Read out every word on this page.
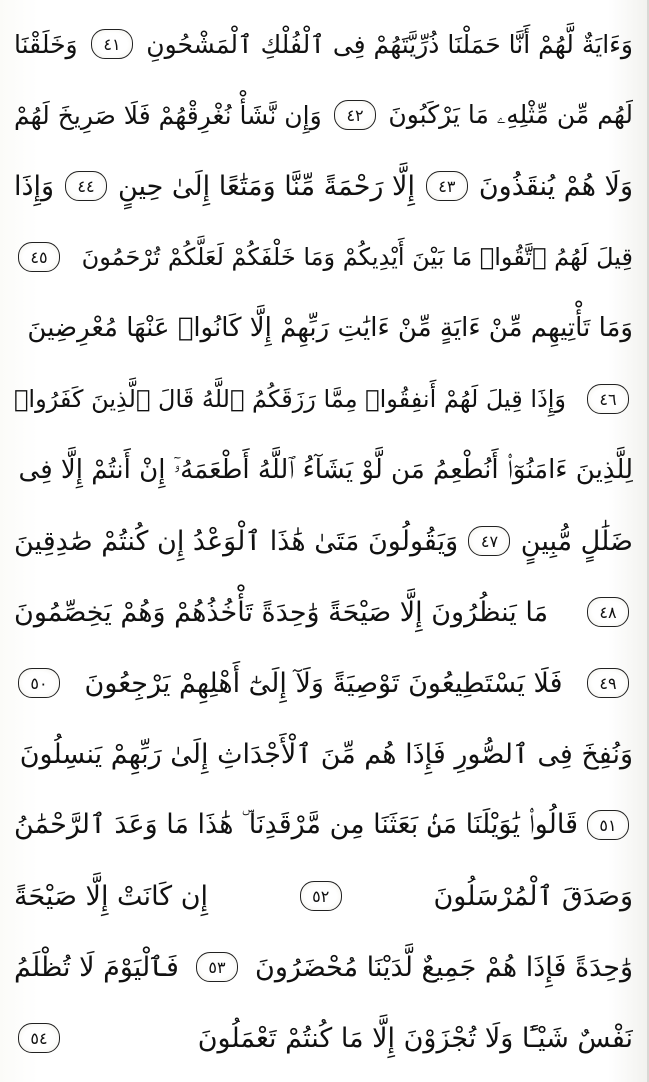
وَءَايَةٌ لَّهُمْ أَنَّا حَمَلْنَا ذُرِّيَّتَهُمْ فِى ٱلْفُلْكِ ٱلْمَشْحُونِ
٤١
وَخَلَقْنَا
لَهُم مِّن مِّثْلِهِۦ مَا يَرْكَبُونَ
٤٢
وَإِن نَّشَأْ نُغْرِقْهُمْ فَلَا صَرِيخَ لَهُمْ
وَلَا هُمْ يُنقَذُونَ
٤٣
إِلَّا رَحْمَةً مِّنَّا وَمَتَٰعًا إِلَىٰ حِينٍ
٤٤
وَإِذَا
قِيلَ لَهُمُ ٱتَّقُوا۟ مَا بَيْنَ أَيْدِيكُمْ وَمَا خَلْفَكُمْ لَعَلَّكُمْ تُرْحَمُونَ
٤٥
وَمَا تَأْتِيهِم مِّنْ ءَايَةٍ مِّنْ ءَايَٰتِ رَبِّهِمْ إِلَّا كَانُوا۟ عَنْهَا مُعْرِضِينَ
٤٦
وَإِذَا قِيلَ لَهُمْ أَنفِقُوا۟ مِمَّا رَزَقَكُمُ ٱللَّهُ قَالَ ٱلَّذِينَ كَفَرُوا۟
لِلَّذِينَ ءَامَنُوٓا۟ أَنُطْعِمُ مَن لَّوْ يَشَآءُ ٱللَّهُ أَطْعَمَهُۥٓ إِنْ أَنتُمْ إِلَّا فِى
ضَلَٰلٍ مُّبِينٍ
٤٧
وَيَقُولُونَ مَتَىٰ هَٰذَا ٱلْوَعْدُ إِن كُنتُمْ صَٰدِقِينَ
٤٨
مَا يَنظُرُونَ إِلَّا صَيْحَةً وَٰحِدَةً تَأْخُذُهُمْ وَهُمْ يَخِصِّمُونَ
٤٩
فَلَا يَسْتَطِيعُونَ تَوْصِيَةً وَلَآ إِلَىٰٓ أَهْلِهِمْ يَرْجِعُونَ
٥٠
وَنُفِخَ فِى ٱلصُّورِ فَإِذَا هُم مِّنَ ٱلْأَجْدَاثِ إِلَىٰ رَبِّهِمْ يَنسِلُونَ
٥١
قَالُوا۟ يَٰوَيْلَنَا مَنۢ بَعَثَنَا مِن مَّرْقَدِنَا ۜ هَٰذَا مَا وَعَدَ ٱلرَّحْمَٰنُ
وَصَدَقَ ٱلْمُرْسَلُونَ
٥٢
إِن كَانَتْ إِلَّا صَيْحَةً
وَٰحِدَةً فَإِذَا هُمْ جَمِيعٌ لَّدَيْنَا مُحْضَرُونَ
٥٣
فَٱلْيَوْمَ لَا تُظْلَمُ
نَفْسٌ شَيْـًٔا وَلَا تُجْزَوْنَ إِلَّا مَا كُنتُمْ تَعْمَلُونَ
٥٤
